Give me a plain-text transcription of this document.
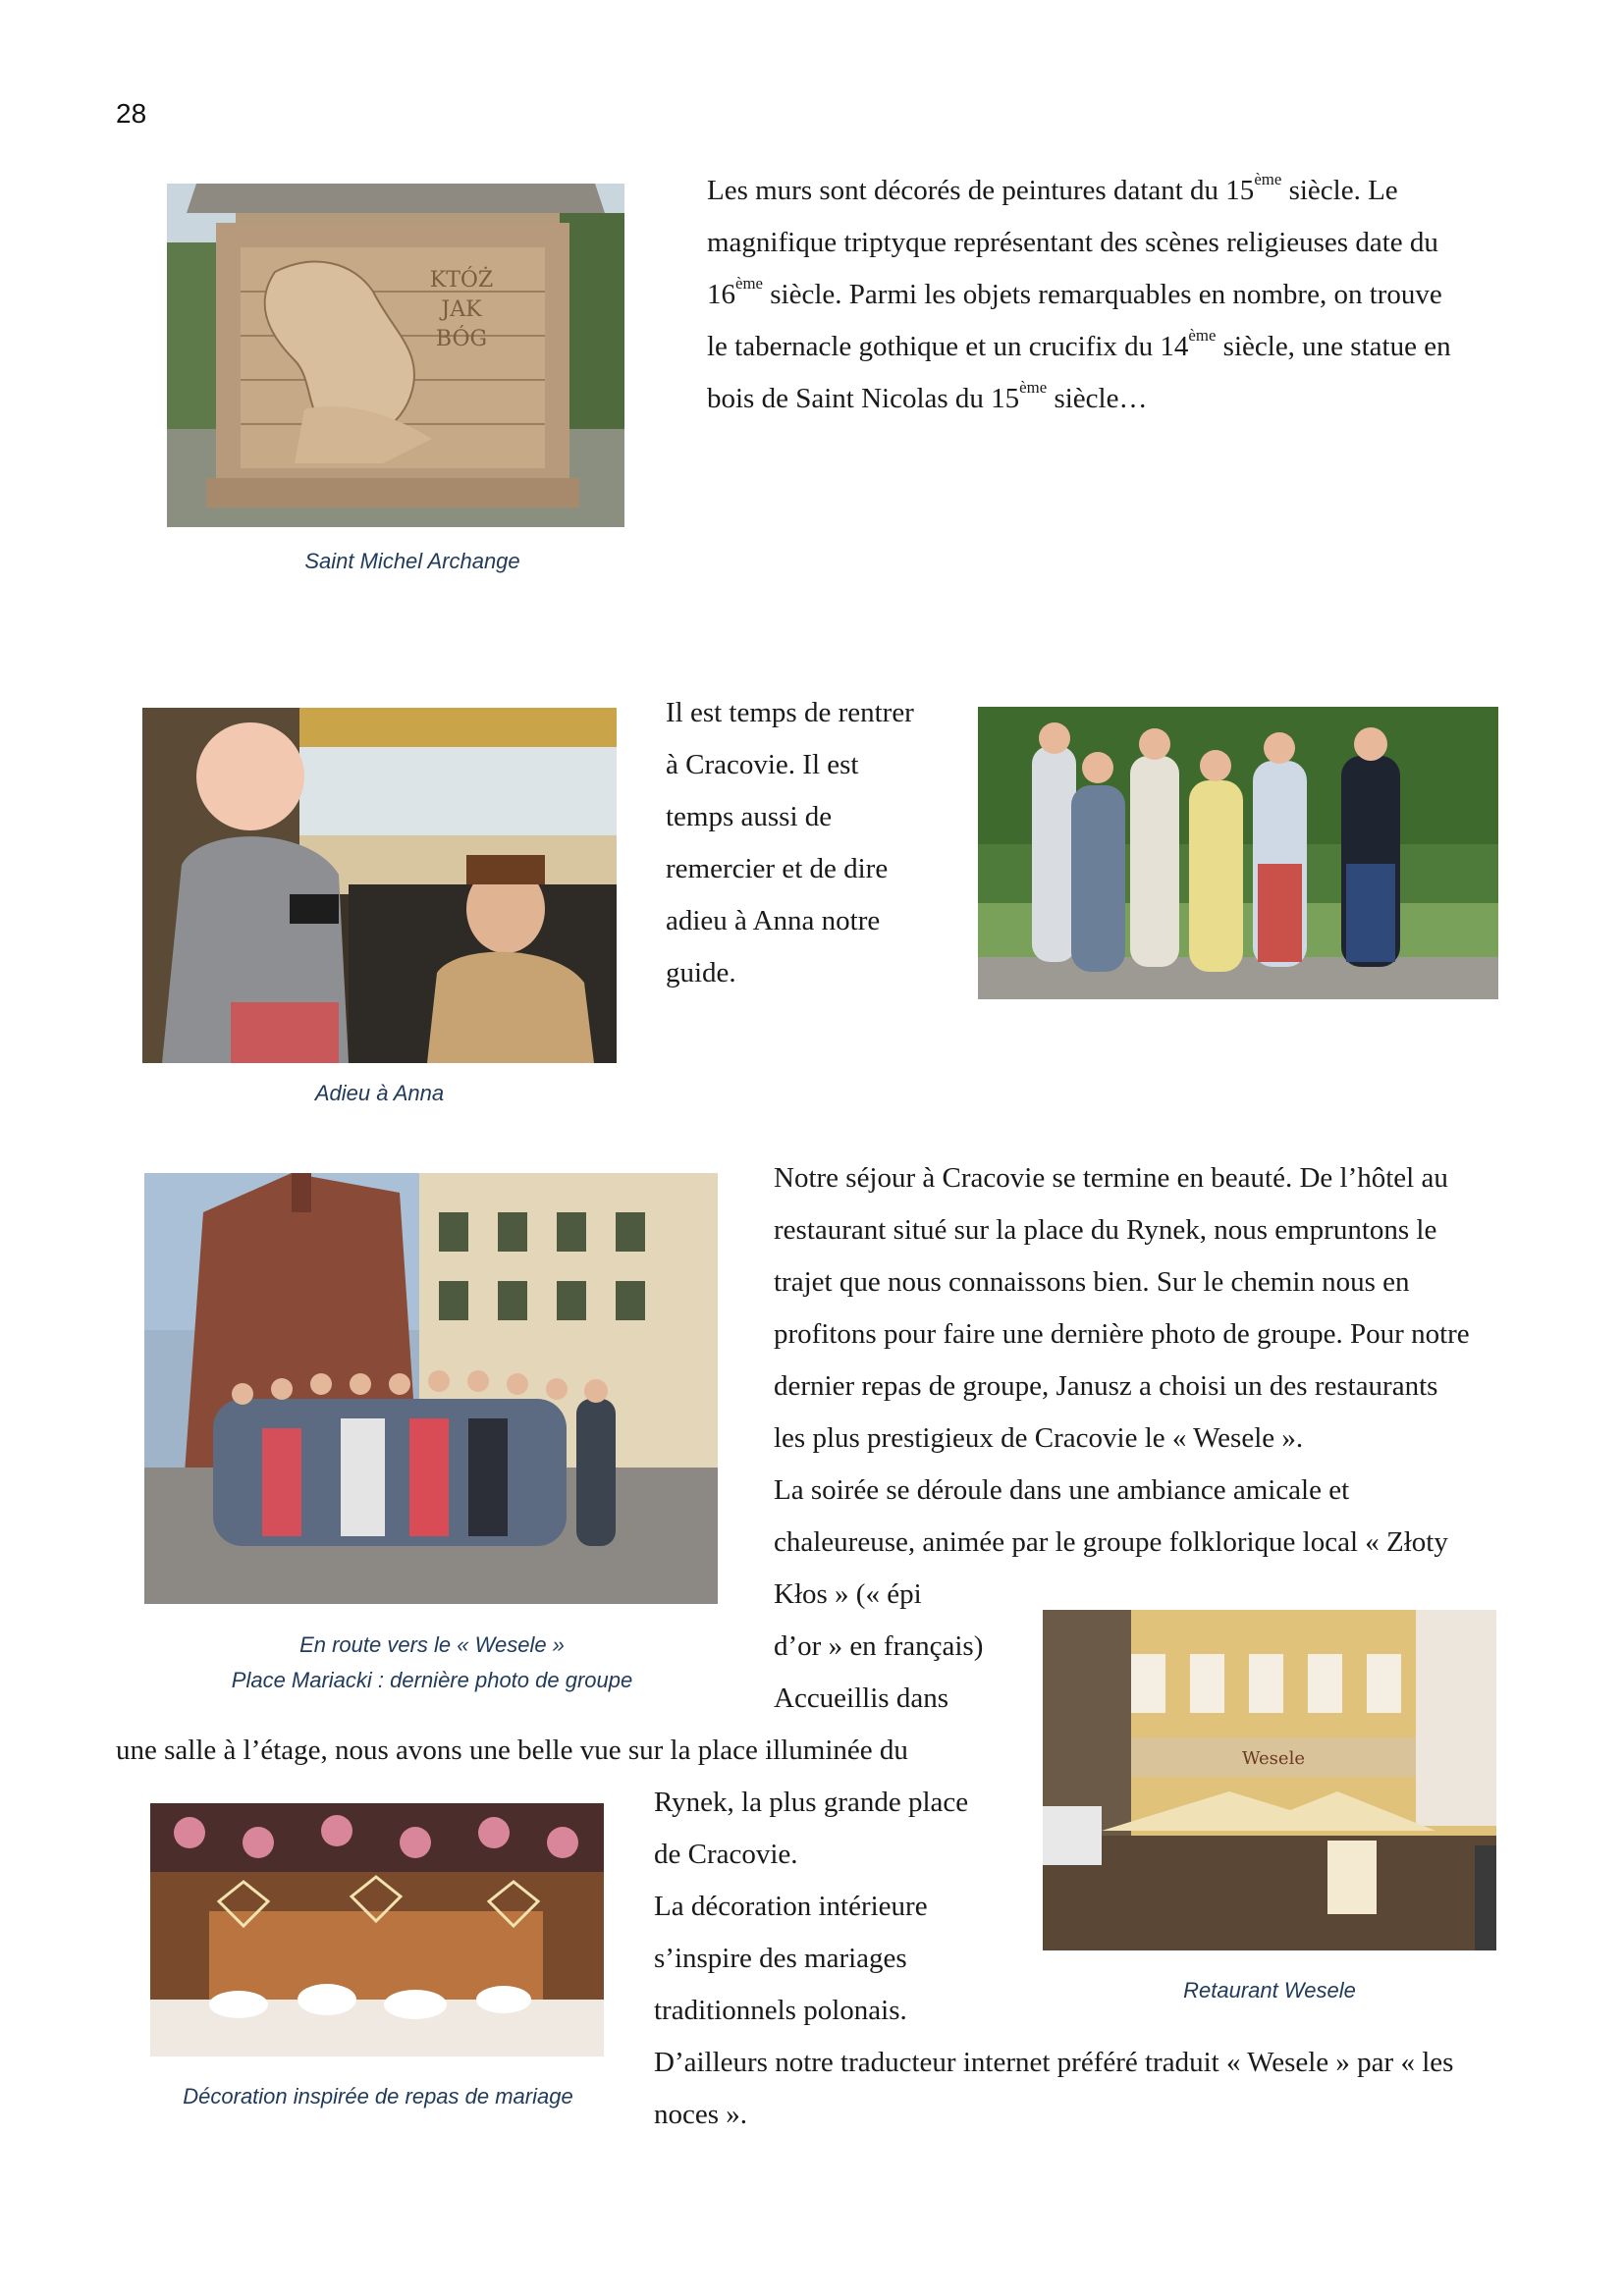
28
KTÓŻ
JAK
BÓG
Saint Michel Archange

Les murs sont décorés de peintures datant du 15ème siècle. Le

magnifique triptyque représentant des scènes religieuses date du

16ème siècle. Parmi les objets remarquables en nombre, on trouve

le tabernacle gothique et un crucifix du 14ème siècle, une statue en

bois de Saint Nicolas du 15ème siècle…

Adieu à Anna

Il est temps de rentrer

à Cracovie. Il est

temps aussi de

remercier et de dire

adieu à Anna notre

guide.

En route vers le « Wesele »
Place Mariacki : dernière photo de groupe

Notre séjour à Cracovie se termine en beauté. De l’hôtel au

restaurant situé sur la place du Rynek, nous empruntons le

trajet que nous connaissons bien. Sur le chemin nous en

profitons pour faire une dernière photo de groupe. Pour notre

dernier repas de groupe, Janusz a choisi un des restaurants

les plus prestigieux de Cracovie le « Wesele ».

La soirée se déroule dans une ambiance amicale et

chaleureuse, animée par le groupe folklorique local « Złoty

Kłos » (« épi

d’or » en français)

Accueillis dans

une salle à l’étage, nous avons une belle vue sur la place illuminée du	Wesele
Retaurant Wesele
Décoration inspirée de repas de mariage

Rynek, la plus grande place

de Cracovie.

La décoration intérieure

s’inspire des mariages

traditionnels polonais.

D’ailleurs notre traducteur internet préféré traduit « Wesele » par « les

noces ».
